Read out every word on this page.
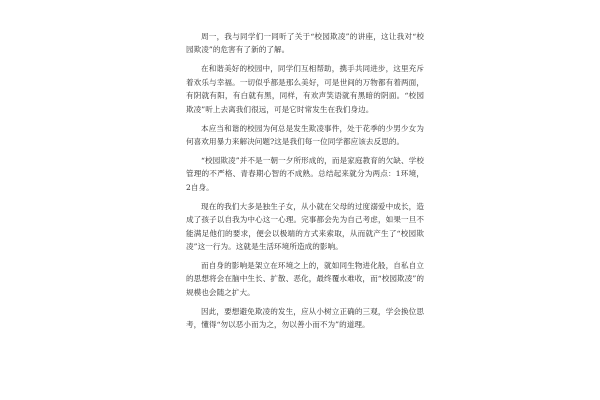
周一，我与同学们一同听了关于“校园欺凌”的讲座，这让我对“校园欺凌”的危害有了新的了解。

在和谐美好的校园中，同学们互相帮助，携手共同进步，这里充斥着欢乐与幸福。一切似乎都是那么美好，可是世间的万物都有着两面，有阴就有阳，有白就有黑，同样，有欢声笑语就有黑暗的阴面。“校园欺凌”听上去离我们很远，可是它时常发生在我们身边。

本应当和谐的校园为何总是发生欺凌事件，处于花季的少男少女为何喜欢用暴力来解决问题?这是我们每一位同学都应该去反思的。

“校园欺凌”并不是一朝一夕所形成的，而是家庭教育的欠缺、学校管理的不严格、青春期心智的不成熟。总结起来就分为两点：1环境，2自身。

现在的我们大多是独生子女，从小就在父母的过度溺爱中成长，造成了孩子以自我为中心这一心理。完事都会先为自己考虑，如果一旦不能满足他们的要求，便会以极端的方式来索取，从而就产生了“校园欺凌”这一行为。这就是生活环境所造成的影响。

而自身的影响是架立在环境之上的，就如同生物进化般，自私自立的思想将会在脑中生长、扩散、恶化，最终覆水难收，而“校园欺凌”的规模也会随之扩大。

因此，要想避免欺凌的发生，应从小树立正确的三观，学会换位思考，懂得“勿以恶小而为之，勿以善小而不为”的道理。
